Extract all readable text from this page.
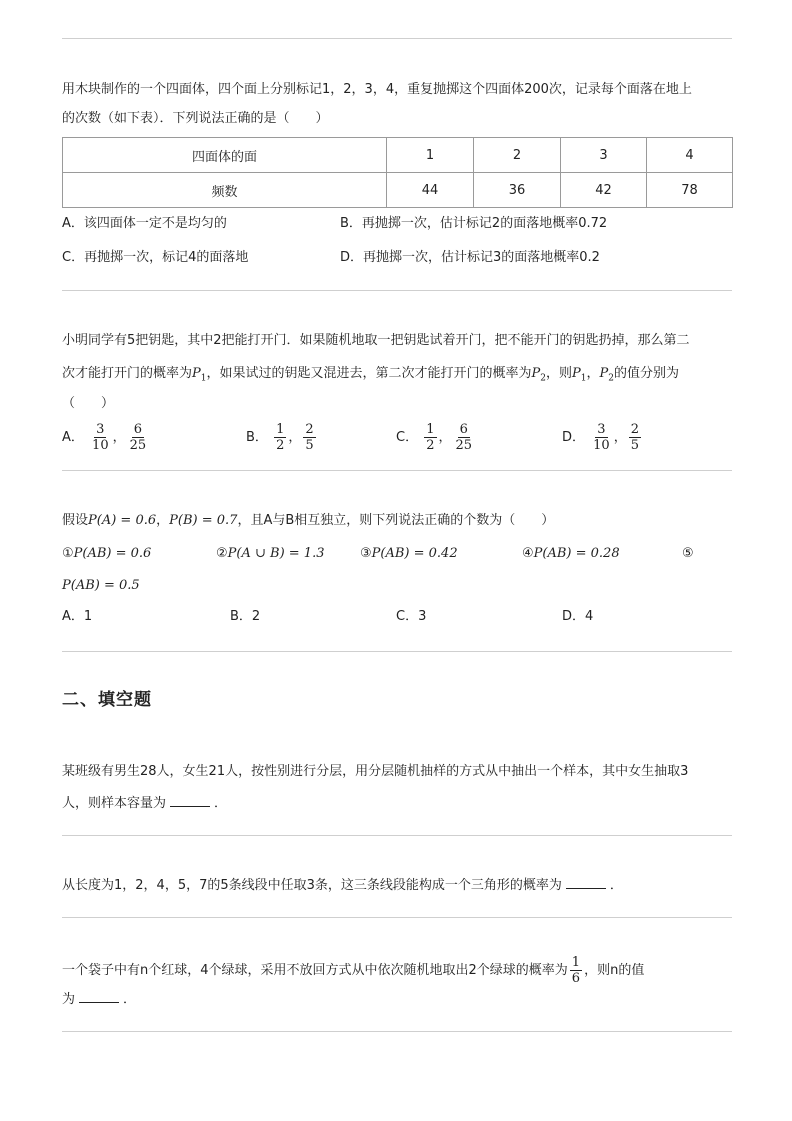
用木块制作的一个四面体，四个面上分别标记1，2，3，4，重复抛掷这个四面体200次，记录每个面落在地上
的次数（如下表）．下列说法正确的是（　　）
四面体的面	1	2	3	4
频数	44	36	42	78
A．该四面体一定不是均匀的	B．再抛掷一次，估计标记2的面落地概率0.72
C．再抛掷一次，标记4的面落地	D．再抛掷一次，估计标记3的面落地概率0.2
小明同学有5把钥匙，其中2把能打开门．如果随机地取一把钥匙试着开门，把不能开门的钥匙扔掉，那么第二
次才能打开门的概率为$P_1$，如果试过的钥匙又混进去，第二次才能打开门的概率为$P_2$，则$P_1$，$P_2$的值分别为
（　　）
A． $\frac{3}{10}$ ， $\frac{6}{25}$	B． $\frac{1}{2}$ ， $\frac{2}{5}$	C． $\frac{1}{2}$ ， $\frac{6}{25}$	D． $\frac{3}{10}$ ， $\frac{2}{5}$
假设P(A) = 0.6，P(B) = 0.7，且A与B相互独立，则下列说法正确的个数为（　　）
①P(AB) = 0.6	②P(A ∪ B) = 1.3	③P(AB) = 0.42	④P(AB) = 0.28	⑤
P(AB) = 0.5
A．1	B．2	C．3	D．4
二、填空题
某班级有男生28人，女生21人，按性别进行分层，用分层随机抽样的方式从中抽出一个样本，其中女生抽取3
人，则样本容量为	．
从长度为1，2，4，5，7的5条线段中任取3条，这三条线段能构成一个三角形的概率为	．
一个袋子中有n个红球，4个绿球，采用不放回方式从中依次随机地取出2个绿球的概率为 $\frac{1}{6}$ ，则n的值
为	．
